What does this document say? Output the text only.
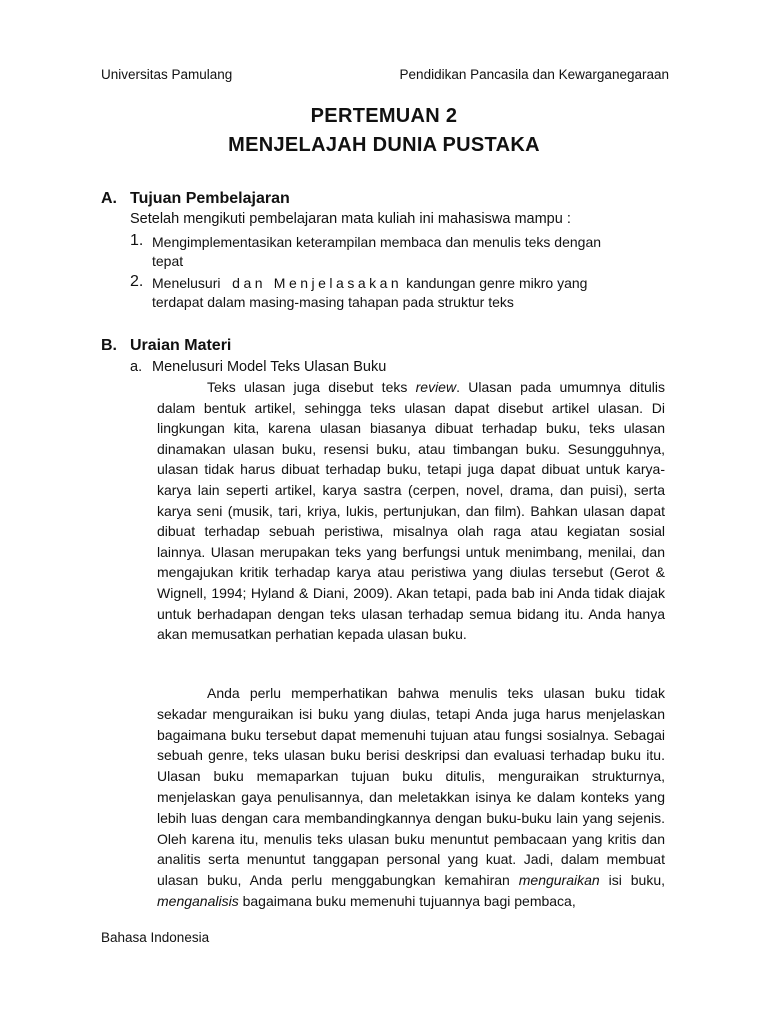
Universitas Pamulang	Pendidikan Pancasila dan Kewarganegaraan
PERTEMUAN 2
MENJELAJAH DUNIA PUSTAKA
A. Tujuan Pembelajaran
Setelah mengikuti pembelajaran mata kuliah ini mahasiswa mampu :
1. Mengimplementasikan keterampilan membaca dan menulis teks dengan
tepat
2. Menelusuri dan Menjelasakan kandungan genre mikro yang
terdapat dalam masing-masing tahapan pada struktur teks
B. Uraian Materi
a. Menelusuri Model Teks Ulasan Buku

Teks ulasan juga disebut teks review. Ulasan pada umumnya ditulis dalam bentuk artikel, sehingga teks ulasan dapat disebut artikel ulasan. Di lingkungan kita, karena ulasan biasanya dibuat terhadap buku, teks ulasan dinamakan ulasan buku, resensi buku, atau timbangan buku. Sesungguhnya, ulasan tidak harus dibuat terhadap buku, tetapi juga dapat dibuat untuk karya-karya lain seperti artikel, karya sastra (cerpen, novel, drama, dan puisi), serta karya seni (musik, tari, kriya, lukis, pertunjukan, dan film). Bahkan ulasan dapat dibuat terhadap sebuah peristiwa, misalnya olah raga atau kegiatan sosial lainnya. Ulasan merupakan teks yang berfungsi untuk menimbang, menilai, dan mengajukan kritik terhadap karya atau peristiwa yang diulas tersebut (Gerot & Wignell, 1994; Hyland & Diani, 2009). Akan tetapi, pada bab ini Anda tidak diajak untuk berhadapan dengan teks ulasan terhadap semua bidang itu. Anda hanya akan memusatkan perhatian kepada ulasan buku.

Anda perlu memperhatikan bahwa menulis teks ulasan buku tidak sekadar menguraikan isi buku yang diulas, tetapi Anda juga harus menjelaskan bagaimana buku tersebut dapat memenuhi tujuan atau fungsi sosialnya. Sebagai sebuah genre, teks ulasan buku berisi deskripsi dan evaluasi terhadap buku itu. Ulasan buku memaparkan tujuan buku ditulis, menguraikan strukturnya, menjelaskan gaya penulisannya, dan meletakkan isinya ke dalam konteks yang lebih luas dengan cara membandingkannya dengan buku-buku lain yang sejenis. Oleh karena itu, menulis teks ulasan buku menuntut pembacaan yang kritis dan analitis serta menuntut tanggapan personal yang kuat. Jadi, dalam membuat ulasan buku, Anda perlu menggabungkan kemahiran menguraikan isi buku, menganalisis bagaimana buku memenuhi tujuannya bagi pembaca,

Bahasa Indonesia
